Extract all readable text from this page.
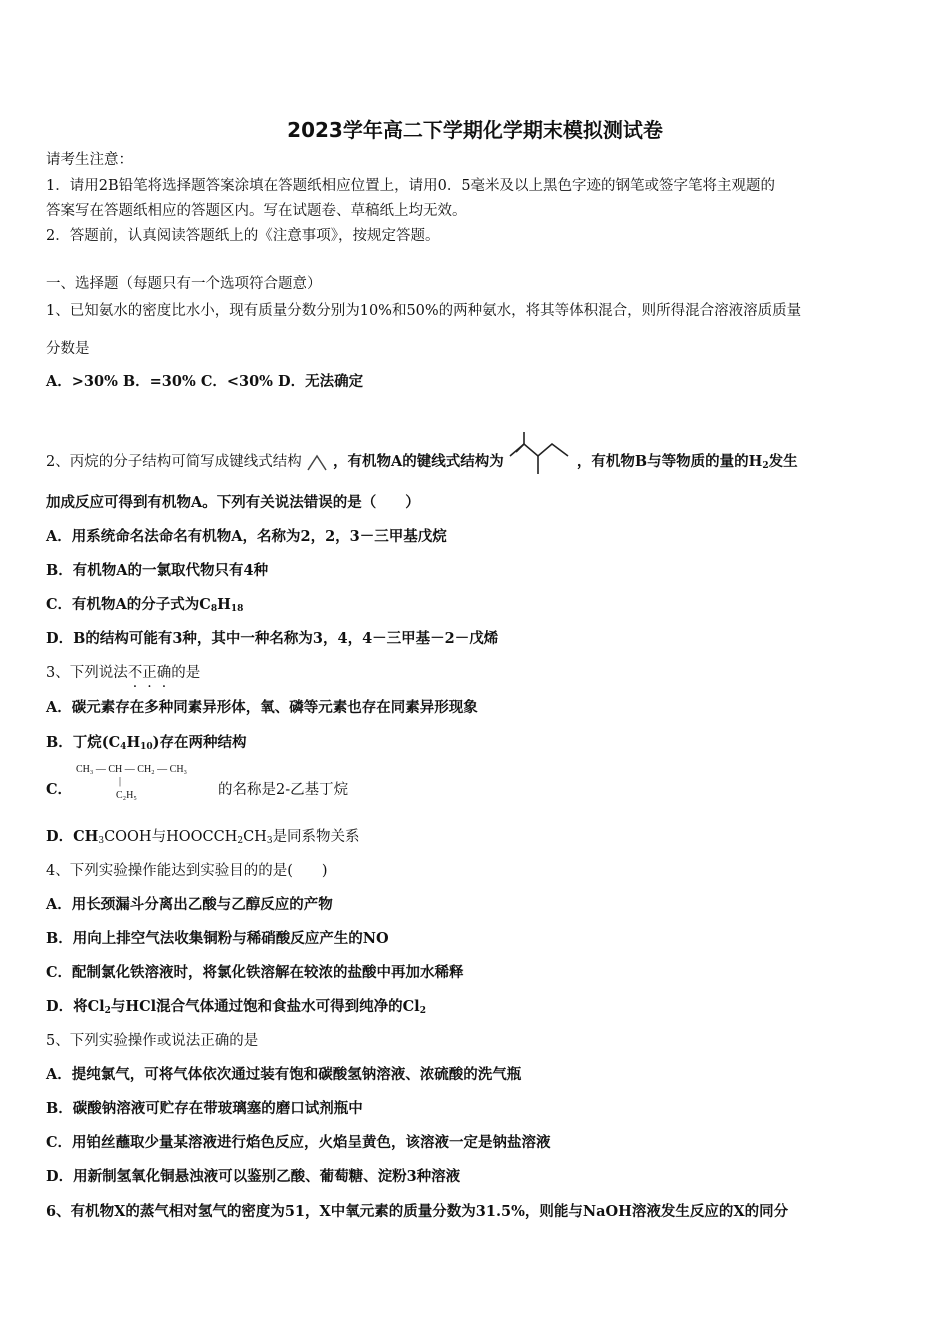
2023学年高二下学期化学期末模拟测试卷
请考生注意：
1．请用2B铅笔将选择题答案涂填在答题纸相应位置上，请用0．5毫米及以上黑色字迹的钢笔或签字笔将主观题的
答案写在答题纸相应的答题区内。写在试题卷、草稿纸上均无效。
2．答题前，认真阅读答题纸上的《注意事项》，按规定答题。
一、选择题（每题只有一个选项符合题意）
1、已知氨水的密度比水小，现有质量分数分别为10%和50%的两种氨水，将其等体积混合，则所得混合溶液溶质质量
分数是
A．>30% B．=30% C．<30% D．无法确定
2、丙烷的分子结构可简写成键线式结构 ，有机物A的键线式结构为	，有机物B与等物质的量的$H_2$发生
加成反应可得到有机物A。下列有关说法错误的是（　　）
A．用系统命名法命名有机物A，名称为2，2，3－三甲基戊烷
B．有机物A的一氯取代物只有4种
C．有机物A的分子式为$C_8H_{18}$
D．B的结构可能有3种，其中一种名称为3，4，4－三甲基－2－戊烯
3、下列说法不正确的是
A．碳元素存在多种同素异形体，氧、磷等元素也存在同素异形现象
B．丁烷$(C_4H_{10})$存在两种结构
C．
CH₃ — CH — CH₂ — CH₃
|
C₂H₅	的名称是2-乙基丁烷
D．$CH_3COOH$与$HOOCCH_2CH_3$是同系物关系
4、下列实验操作能达到实验目的的是(　　)
A．用长颈漏斗分离出乙酸与乙醇反应的产物
B．用向上排空气法收集铜粉与稀硝酸反应产生的NO
C．配制氯化铁溶液时，将氯化铁溶解在较浓的盐酸中再加水稀释
D．将$Cl_2$与HCl混合气体通过饱和食盐水可得到纯净的$Cl_2$
5、下列实验操作或说法正确的是
A．提纯氯气，可将气体依次通过装有饱和碳酸氢钠溶液、浓硫酸的洗气瓶
B．碳酸钠溶液可贮存在带玻璃塞的磨口试剂瓶中
C．用铂丝蘸取少量某溶液进行焰色反应，火焰呈黄色，该溶液一定是钠盐溶液
D．用新制氢氧化铜悬浊液可以鉴别乙酸、葡萄糖、淀粉3种溶液
6、有机物X的蒸气相对氢气的密度为51，X中氧元素的质量分数为31.5%，则能与NaOH溶液发生反应的X的同分
